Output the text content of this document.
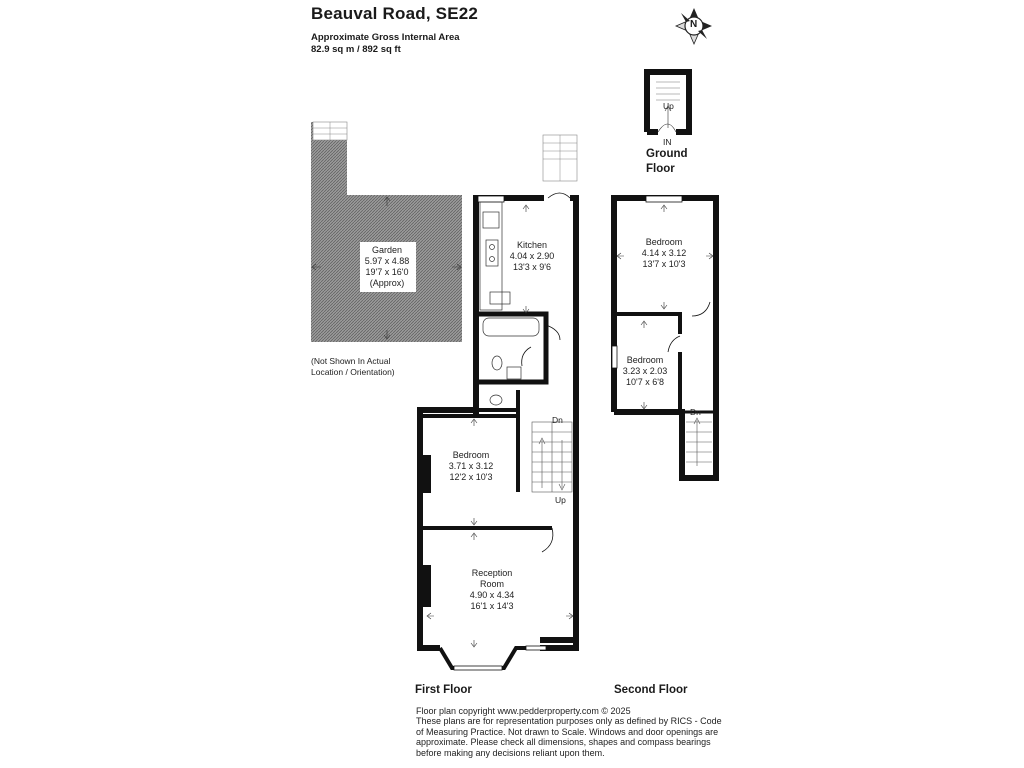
Beauval Road, SE22
Approximate Gross Internal Area
82.9 sq m / 892 sq ft
Garden
5.97 x 4.88
19'7 x 16'0
(Approx)
(Not Shown In Actual
Location / Orientation)
Up
IN
Ground
Floor
Kitchen
4.04 x 2.90
13'3 x 9'6
Bedroom
3.71 x 3.12
12'2 x 10'3
Reception
Room
4.90 x 4.34
16'1 x 14'3
Dn
Up
Bedroom
4.14 x 3.12
13'7 x 10'3
Bedroom
3.23 x 2.03
10'7 x 6'8
Dn
First Floor	Second Floor
Floor plan copyright www.pedderproperty.com © 2025
These plans are for representation purposes only as defined by RICS - Code
of Measuring Practice. Not drawn to Scale. Windows and door openings are
approximate. Please check all dimensions, shapes and compass bearings
before making any decisions reliant upon them.
N
